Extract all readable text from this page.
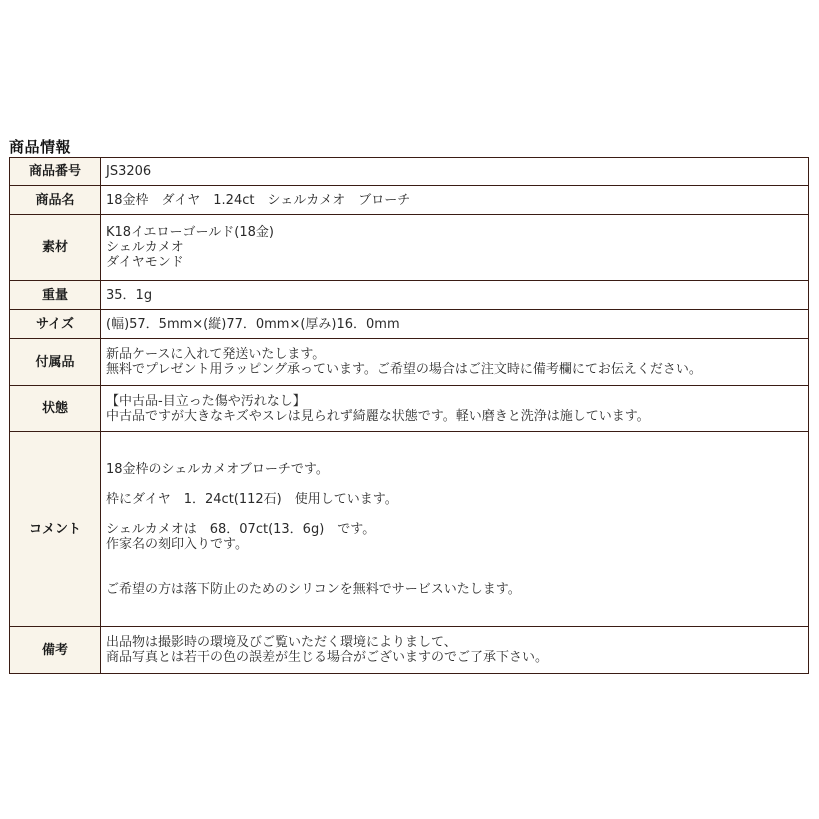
商品情報
商品番号	JS3206

商品名	18金枠　ダイヤ　1.24ct　シェルカメオ　ブローチ

素材	K18イエローゴールド(18金)
シェルカメオ
ダイヤモンド

重量	35．1g

サイズ	(幅)57．5mm×(縦)77．0mm×(厚み)16．0mm

付属品	新品ケースに入れて発送いたします。
無料でプレゼント用ラッピング承っています。ご希望の場合はご注文時に備考欄にてお伝えください。

状態	【中古品-目立った傷や汚れなし】
中古品ですが大きなキズやスレは見られず綺麗な状態です。軽い磨きと洗浄は施しています。

コメント	18金枠のシェルカメオブローチです。
枠にダイヤ　1．24ct(112石)　使用しています。
シェルカメオは　68．07ct(13．6g)　です。
作家名の刻印入りです。
ご希望の方は落下防止のためのシリコンを無料でサービスいたします。

備考	出品物は撮影時の環境及びご覧いただく環境によりまして、
商品写真とは若干の色の誤差が生じる場合がございますのでご了承下さい。
